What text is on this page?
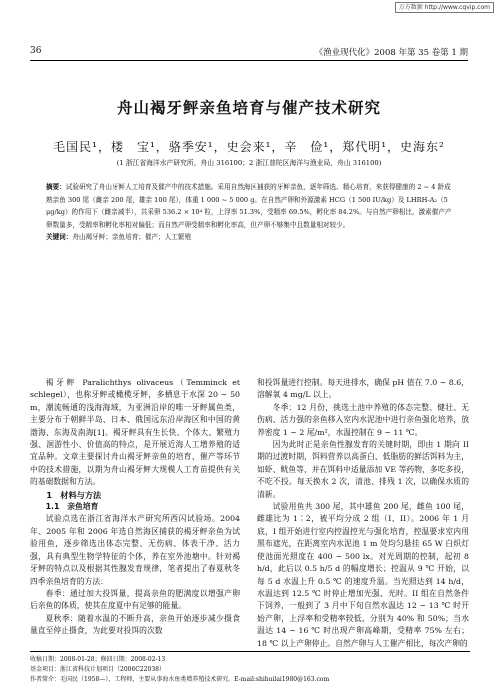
万方数据 http://www.cqvip.com
36	《渔业现代化》2008 年第 35 卷第 1 期
舟山褐牙鲆亲鱼培育与催产技术研究
毛国民¹，楼　宝¹，骆季安¹，史会来¹，辛　俭¹，郑代明¹，史海东²
(1 浙江省海洋水产研究所，舟山 316100；2 浙江普陀区海洋与渔业局，舟山 316100)
摘要：试验研究了舟山牙鲆人工培育及催产中的技术措施。采用自然海区捕获的牙鲆亲鱼，逐年筛选、精心培育，来获得健康的 2 ~ 4 龄成熟亲鱼 300 尾（雌亲 200 尾，雄亲 100 尾），体重 1 000 ~ 5 000 g。在自然产卵和外源激素 HCG（1 500 IU/kg）及 LHRH-A₂（5 μg/kg）的作用下（雌亲减半），共采卵 536.2 × 10⁴ 粒，上浮率 51.3%，受精率 69.5%，孵化率 84.2%。与自然产卵相比，激素催产产卵数量多，受精率和孵化率相对偏低；而自然产卵受精率和孵化率高，但产卵不够集中且数量相对较少。
关键词：舟山褐牙鲆；亲鱼培育；催产；人工繁殖

褐牙鲆 Paralichthys olivaceus（Temminck et schlegel），也称牙鲆或橄榄牙鲆，多栖息于水深 20 ~ 50 m，潮流畅通的浅海海域，为亚洲沿岸的唯一牙鲆属鱼类，主要分布于朝鲜半岛、日本、俄国远东沿岸海区和中国的黄渤海、东海及南海[1]。褐牙鲆具有生长快、个体大、繁殖力强、洄游性小、价值高的特点，是开展近海人工增养殖的适宜品种。文章主要探讨舟山褐牙鲆亲鱼的培育、催产等环节中的技术措施，以期为舟山褐牙鲆大规模人工育苗提供有关的基础数据和方法。

1　材料与方法

1.1　亲鱼培育

试验点选在浙江省海洋水产研究所西闪试验场。2004 年、2005 年和 2006 年选自然海区捕获的褐牙鲆亲鱼为试验用鱼，逐步筛选出体态完整、无伤病、体表干净、活力强，具有典型生物学特征的个体，养在室外池塘中。针对褐牙鲆的特点以及根据其性腺发育规律，笔者提出了春夏秋冬四季亲鱼培育的方法：

春季：通过加大投饵量，提高亲鱼的肥满度以增强产卵后亲鱼的体质，使其在度夏中有足够的能量。

夏秋季：随着水温的不断升高，亲鱼开始逐步减少摄食量直至停止摄食，为此要对投饵的次数

和投饵量进行控制。每天进排水，确保 pH 值在 7.0 ~ 8.6，溶解氧 4 mg/L 以上。

冬季：12 月份，挑选土池中养殖的体态完整、健壮、无伤病、活力强的亲鱼移入室内水泥池中进行亲鱼强化培养，放养密度 1 ~ 2 尾/m²，水温控制在 9 ~ 11 ℃。

因为此时正是亲鱼性腺发育的关键时期，即由 1 期向 II 期的过渡时期，饵料营养以高蛋白、低脂肪的鲜活饵料为主，如虾、鱿鱼等，并在饵料中适量添加 VE 等药物，多吃多投，不吃不投。每天换水 2 次，清池、排残 1 次，以确保水质的清新。

试验用鱼共 300 尾，其中雄鱼 200 尾，雌鱼 100 尾，雌雄比为 1∶2，被平均分成 2 组（I、II）。2006 年 1 月底，I 组开始进行室内控温控光与强化培育，控温要求室内用黑布遮光，在距离室内水泥池 1 m 处均匀悬挂 65 W 白炽灯使池面光照度在 400 ~ 500 lx。对光周期的控制，起初 8 h/d，此后以 0.5 h/5 d 的幅度增长；控温从 9 ℃ 开始，以每 5 d 水温上升 0.5 ℃ 的速度升温。当光照达到 14 h/d，水温达到 12.5 ℃ 时停止增加光强、光时。II 组在自然条件下饲养，一般到了 3 月中下旬自然水温达 12 ~ 13 ℃ 时开始产卵，上浮率和受精率较低，分别为 40% 和 50%；当水温达 14 ~ 16 ℃ 时出现产卵高峰期，受精率 75% 左右；18 ℃ 以上产卵停止。自然产卵与人工催产相比，每次产卵的

收稿日期：2008-01-28；修回日期：2008-02-13
基金项目：浙江省科技计划项目（2006C22038）
作者简介：毛国民（1958—），工程师，主要从事海水鱼类增养殖技术研究。E-mail:shihuilai1980@163.com
